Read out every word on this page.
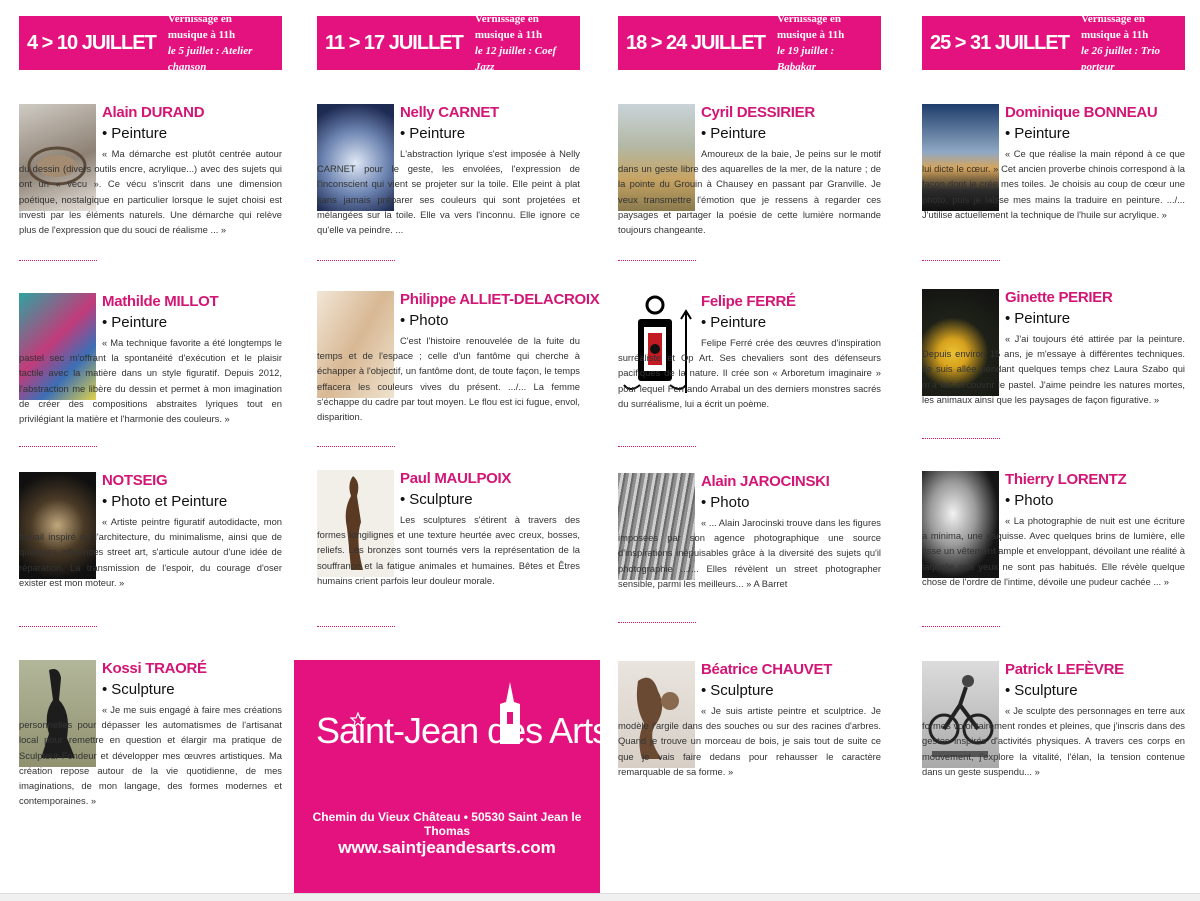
4 > 10 JUILLET
Vernissage en musique à 11h
le 5 juillet : Atelier chanson
11 > 17 JUILLET
Vernissage en musique à 11h
le 12 juillet : Coef Jazz
18 > 24 JUILLET
Vernissage en musique à 11h
le 19 juillet : Babakar
25 > 31 JUILLET
Vernissage en musique à 11h
le 26 juillet : Trio porteur
Alain DURAND
• Peinture
« Ma démarche est plutôt centrée autour du dessin (divers outils encre, acrylique...) avec des sujets qui ont un « vécu ». Ce vécu s'inscrit dans une dimension poétique, nostalgique en particulier lorsque le sujet choisi est investi par les éléments naturels. Une démarche qui relève plus de l'expression que du souci de réalisme ... »
Nelly CARNET
• Peinture
L'abstraction lyrique s'est imposée à Nelly CARNET pour le geste, les envolées, l'expression de l'inconscient qui vient se projeter sur la toile. Elle peint à plat sans jamais préparer ses couleurs qui sont projetées et mélangées sur la toile. Elle va vers l'inconnu. Elle ignore ce qu'elle va peindre. ...
Cyril DESSIRIER
• Peinture
Amoureux de la baie, Je peins sur le motif dans un geste libre des aquarelles de la mer, de la nature ; de la pointe du Grouin à Chausey en passant par Granville. Je veux transmettre l'émotion que je ressens à regarder ces paysages et partager la poésie de cette lumière normande toujours changeante.
Dominique BONNEAU
• Peinture
« Ce que réalise la main répond à ce que lui dicte le cœur. » Cet ancien proverbe chinois correspond à la façon dont je crée mes toiles. Je choisis au coup de cœur une photo, puis je laisse mes mains la traduire en peinture. .../... J'utilise actuellement la technique de l'huile sur acrylique. »
Mathilde MILLOT
• Peinture
« Ma technique favorite a été longtemps le pastel sec m'offrant la spontanéité d'exécution et le plaisir tactile avec la matière dans un style figuratif. Depuis 2012, l'abstraction me libère du dessin et permet à mon imagination de créer des compositions abstraites lyriques tout en privilégiant la matière et l'harmonie des couleurs. »
Philippe ALLIET-DELACROIX
• Photo
C'est l'histoire renouvelée de la fuite du temps et de l'espace ; celle d'un fantôme qui cherche à échapper à l'objectif, un fantôme dont, de toute façon, le temps effacera les couleurs vives du présent. .../... La femme s'échappe du cadre par tout moyen. Le flou est ici fugue, envol, disparition.
Felipe FERRÉ
• Peinture
Felipe Ferré crée des œuvres d'inspiration surréaliste et Op Art. Ses chevaliers sont des défenseurs pacifiques de la nature. Il crée son « Arboretum imaginaire » pour lequel Fernando Arrabal un des derniers monstres sacrés du surréalisme, lui a écrit un poème.
Ginette PERIER
• Peinture
« J'ai toujours été attirée par la peinture. Depuis environ 15 ans, je m'essaye à différentes techniques. Je suis allée pendant quelques temps chez Laura Szabo qui m'a fait découvrir le pastel. J'aime peindre les natures mortes, les animaux ainsi que les paysages de façon figurative. »
NOTSEIG
• Photo et Peinture
« Artiste peintre figuratif autodidacte, mon travail inspiré de l'architecture, du minimalisme, ainsi que de quelques influences street art, s'articule autour d'une idée de réparation. La transmission de l'espoir, du courage d'oser exister est mon moteur. »
Paul MAULPOIX
• Sculpture
Les sculptures s'étirent à travers des formes longilignes et une texture heurtée avec creux, bosses, reliefs. Les bronzes sont tournés vers la représentation de la souffrance et la fatigue animales et humaines. Bêtes et Êtres humains crient parfois leur douleur morale.
Alain JAROCINSKI
• Photo
« ... Alain Jarocinski trouve dans les figures imposées par son agence photographique une source d'inspirations inépuisables grâce à la diversité des sujets qu'il photographie .../... Elles révèlent un street photographer sensible, parmi les meilleurs... » A Barret
Thierry LORENTZ
• Photo
« La photographie de nuit est une écriture a minima, une esquisse. Avec quelques brins de lumière, elle tisse un vêtement ample et enveloppant, dévoilant une réalité à laquelle nos yeux ne sont pas habitués. Elle révèle quelque chose de l'ordre de l'intime, dévoile une pudeur cachée ... »
Kossi TRAORÉ
• Sculpture
« Je me suis engagé à faire mes créations personnelles pour dépasser les automatismes de l'artisanat local pour remettre en question et élargir ma pratique de Sculpteur-Fondeur et développer mes œuvres artistiques. Ma création repose autour de la vie quotidienne, de mes imaginations, de mon langage, des formes modernes et contemporaines. »
Saint-Jean des Arts
Chemin du Vieux Château • 50530 Saint Jean le Thomas
www.saintjeandesarts.com
Béatrice CHAUVET
• Sculpture
« Je suis artiste peintre et sculptrice. Je modèle l'argile dans des souches ou sur des racines d'arbres. Quand je trouve un morceau de bois, je sais tout de suite ce que je vais faire dedans pour rehausser le caractère remarquable de sa forme. »
Patrick LEFÈVRE
• Sculpture
« Je sculpte des personnages en terre aux formes volontairement rondes et pleines, que j'inscris dans des gestes inspirés d'activités physiques. A travers ces corps en mouvement, j'explore la vitalité, l'élan, la tension contenue dans un geste suspendu... »
